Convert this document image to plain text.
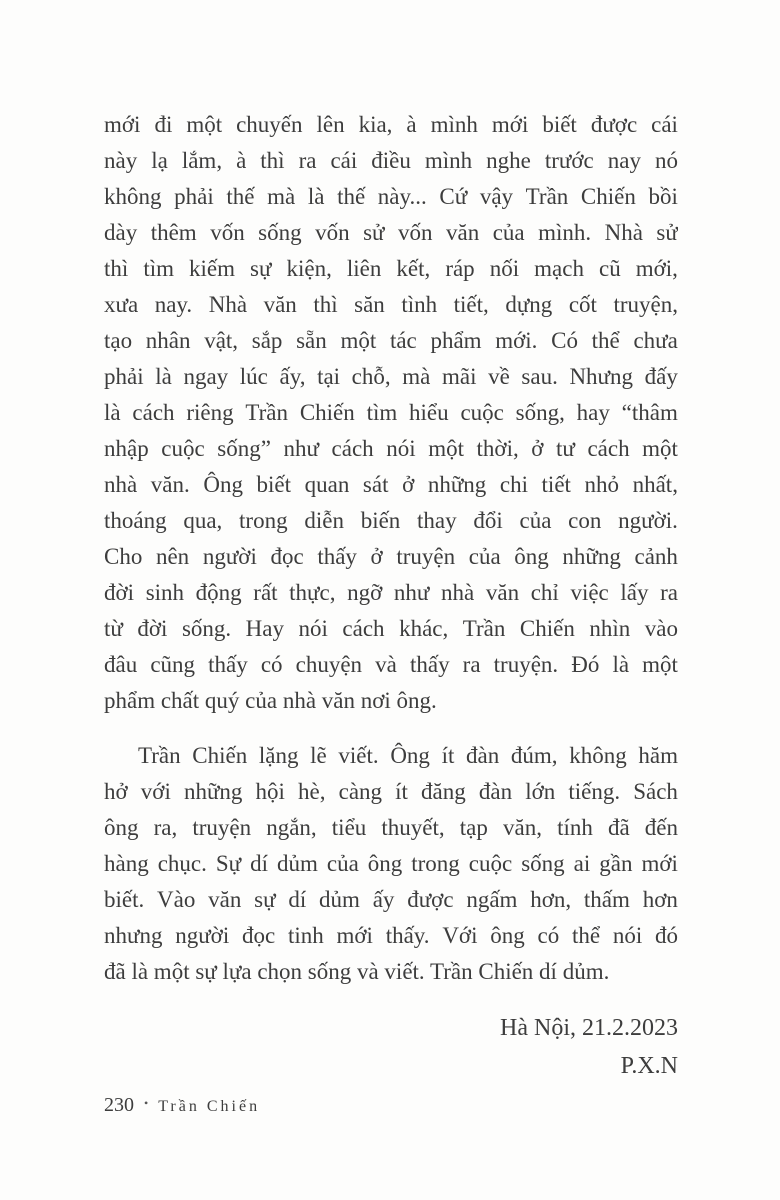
mới đi một chuyến lên kia, à mình mới biết được cái
này lạ lắm, à thì ra cái điều mình nghe trước nay nó
không phải thế mà là thế này... Cứ vậy Trần Chiến bồi
dày thêm vốn sống vốn sử vốn văn của mình. Nhà sử
thì tìm kiếm sự kiện, liên kết, ráp nối mạch cũ mới,
xưa nay. Nhà văn thì săn tình tiết, dựng cốt truyện,
tạo nhân vật, sắp sẵn một tác phẩm mới. Có thể chưa
phải là ngay lúc ấy, tại chỗ, mà mãi về sau. Nhưng đấy
là cách riêng Trần Chiến tìm hiểu cuộc sống, hay “thâm
nhập cuộc sống” như cách nói một thời, ở tư cách một
nhà văn. Ông biết quan sát ở những chi tiết nhỏ nhất,
thoáng qua, trong diễn biến thay đổi của con người.
Cho nên người đọc thấy ở truyện của ông những cảnh
đời sinh động rất thực, ngỡ như nhà văn chỉ việc lấy ra
từ đời sống. Hay nói cách khác, Trần Chiến nhìn vào
đâu cũng thấy có chuyện và thấy ra truyện. Đó là một
phẩm chất quý của nhà văn nơi ông.
Trần Chiến lặng lẽ viết. Ông ít đàn đúm, không hăm
hở với những hội hè, càng ít đăng đàn lớn tiếng. Sách
ông ra, truyện ngắn, tiểu thuyết, tạp văn, tính đã đến
hàng chục. Sự dí dủm của ông trong cuộc sống ai gần mới
biết. Vào văn sự dí dủm ấy được ngấm hơn, thấm hơn
nhưng người đọc tinh mới thấy. Với ông có thể nói đó
đã là một sự lựa chọn sống và viết. Trần Chiến dí dủm.
Hà Nội, 21.2.2023
P.X.N
230 • Trần Chiến
